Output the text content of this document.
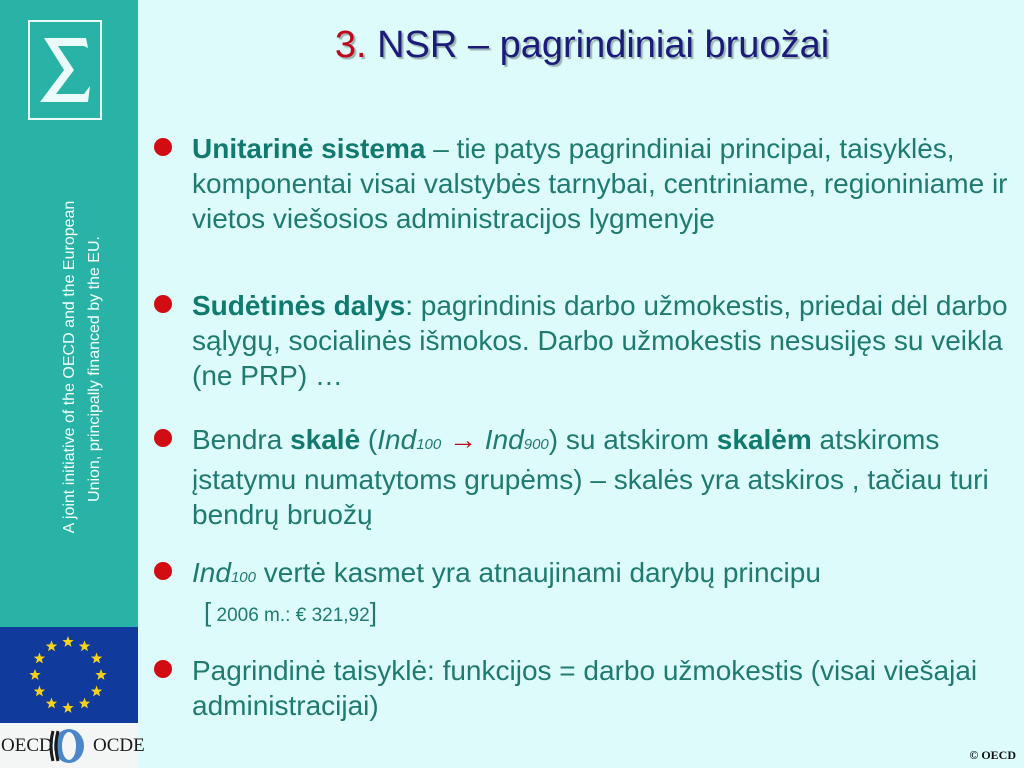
A joint initiative of the OECD and the European Union, principally financed by the EU.
OECD OCDE
3. NSR – pagrindiniai bruožai
Unitarinė sistema – tie patys pagrindiniai principai, taisyklės, komponentai visai valstybės tarnybai, centriniame, regioniniame ir vietos viešosios administracijos lygmenyje
Sudėtinės dalys: pagrindinis darbo užmokestis, priedai dėl darbo sąlygų, socialinės išmokos. Darbo užmokestis nesusijęs su veikla (ne PRP) …
Bendra skalė (Ind100 → Ind900) su atskirom skalėm atskiroms įstatymu numatytoms grupėms) – skalės yra atskiros , tačiau turi bendrų bruožų
Ind100 vertė kasmet yra atnaujinami darybų principu
[ 2006 m.: € 321,92]
Pagrindinė taisyklė: funkcijos = darbo užmokestis (visai viešajai administracijai)
© OECD
